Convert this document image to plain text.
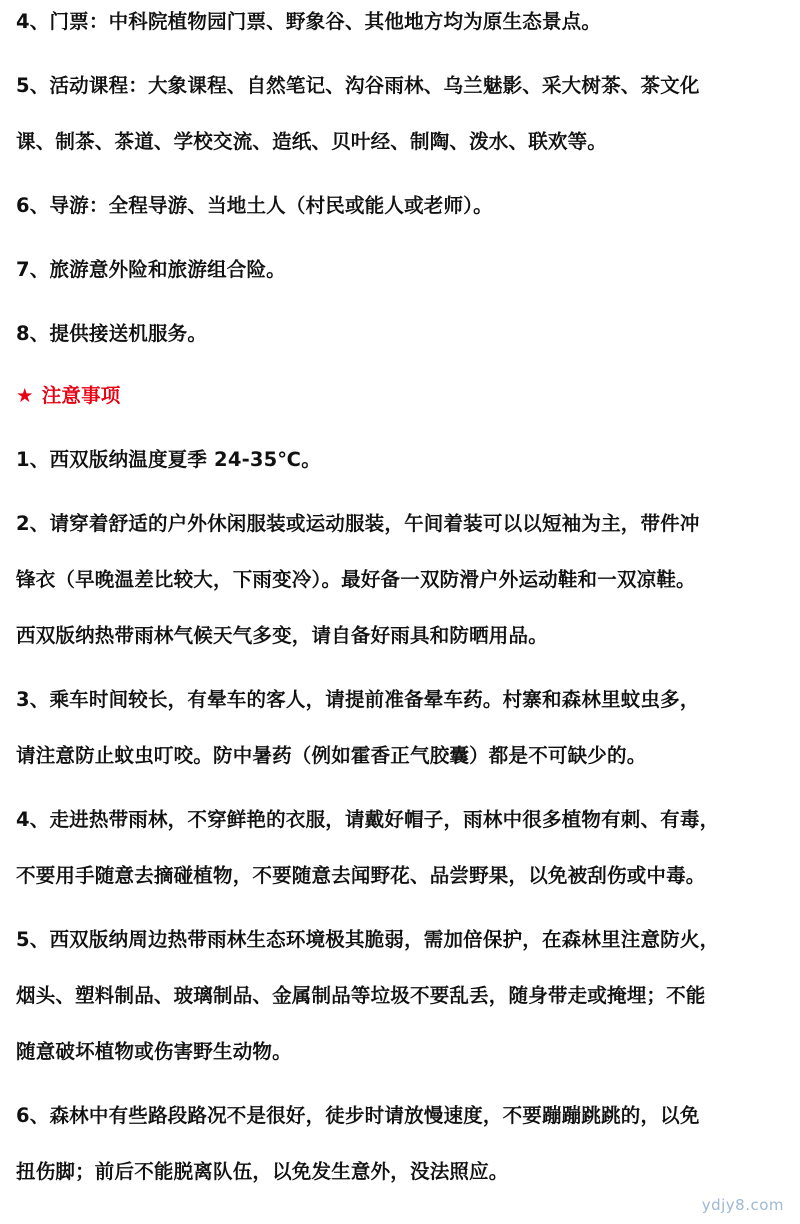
4、门票：中科院植物园门票、野象谷、其他地方均为原生态景点。
5、活动课程：大象课程、自然笔记、沟谷雨林、乌兰魅影、采大树茶、茶文化
课、制茶、茶道、学校交流、造纸、贝叶经、制陶、泼水、联欢等。
6、导游：全程导游、当地土人（村民或能人或老师）。
7、旅游意外险和旅游组合险。
8、提供接送机服务。
★ 注意事项
1、西双版纳温度夏季 24-35℃。
2、请穿着舒适的户外休闲服装或运动服装，午间着装可以以短袖为主，带件冲
锋衣（早晚温差比较大，下雨变冷）。最好备一双防滑户外运动鞋和一双凉鞋。
西双版纳热带雨林气候天气多变，请自备好雨具和防晒用品。
3、乘车时间较长，有晕车的客人，请提前准备晕车药。村寨和森林里蚊虫多，
请注意防止蚊虫叮咬。防中暑药（例如霍香正气胶囊）都是不可缺少的。
4、走进热带雨林，不穿鲜艳的衣服，请戴好帽子，雨林中很多植物有刺、有毒，
不要用手随意去摘碰植物，不要随意去闻野花、品尝野果，以免被刮伤或中毒。
5、西双版纳周边热带雨林生态环境极其脆弱，需加倍保护，在森林里注意防火，
烟头、塑料制品、玻璃制品、金属制品等垃圾不要乱丢，随身带走或掩埋；不能
随意破坏植物或伤害野生动物。
6、森林中有些路段路况不是很好，徒步时请放慢速度，不要蹦蹦跳跳的，以免
扭伤脚；前后不能脱离队伍，以免发生意外，没法照应。
ydjy8.com
